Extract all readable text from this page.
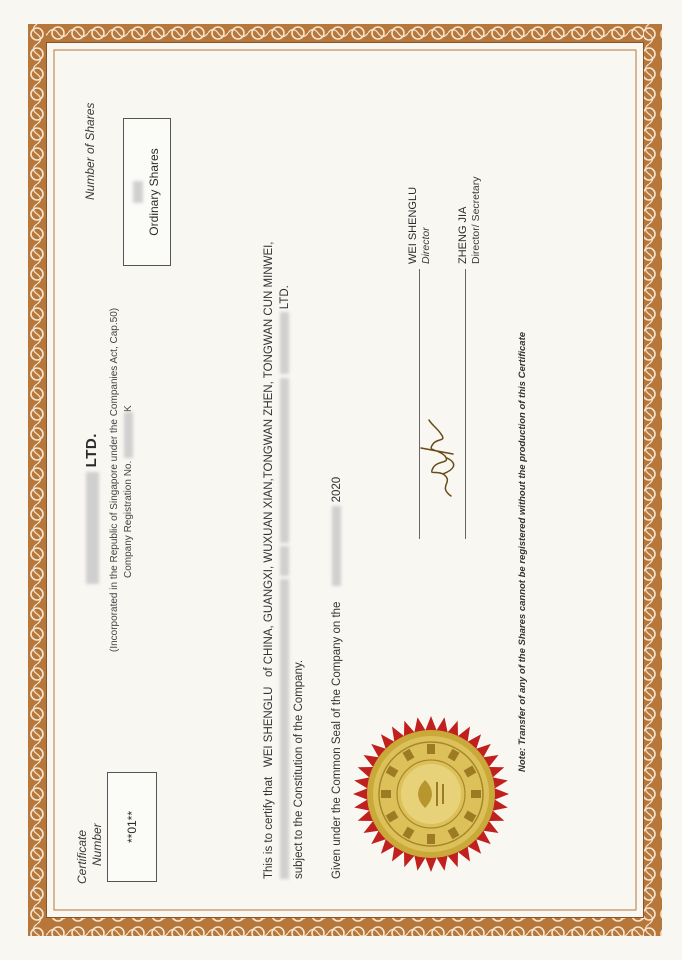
Certificate Number **01**
Number of Shares	Ordinary Shares
LTD. (Incorporated in the Republic of Singapore under the Companies Act, Cap.50) Company Registration No. K
This is to certify that   WEI SHENGLU   of CHINA, GUANGXI, WUXUAN XIAN,TONGWAN ZHEN, TONGWAN CUN MINWEI, LTD.
subject to the Constitution of the Company. Given under the Common Seal of the Company on the      2020
WEI SHENGLU Director ZHENG JIA Director/ Secretary
Note: Transfer of any of the Shares cannot be registered without the production of this Certificate
